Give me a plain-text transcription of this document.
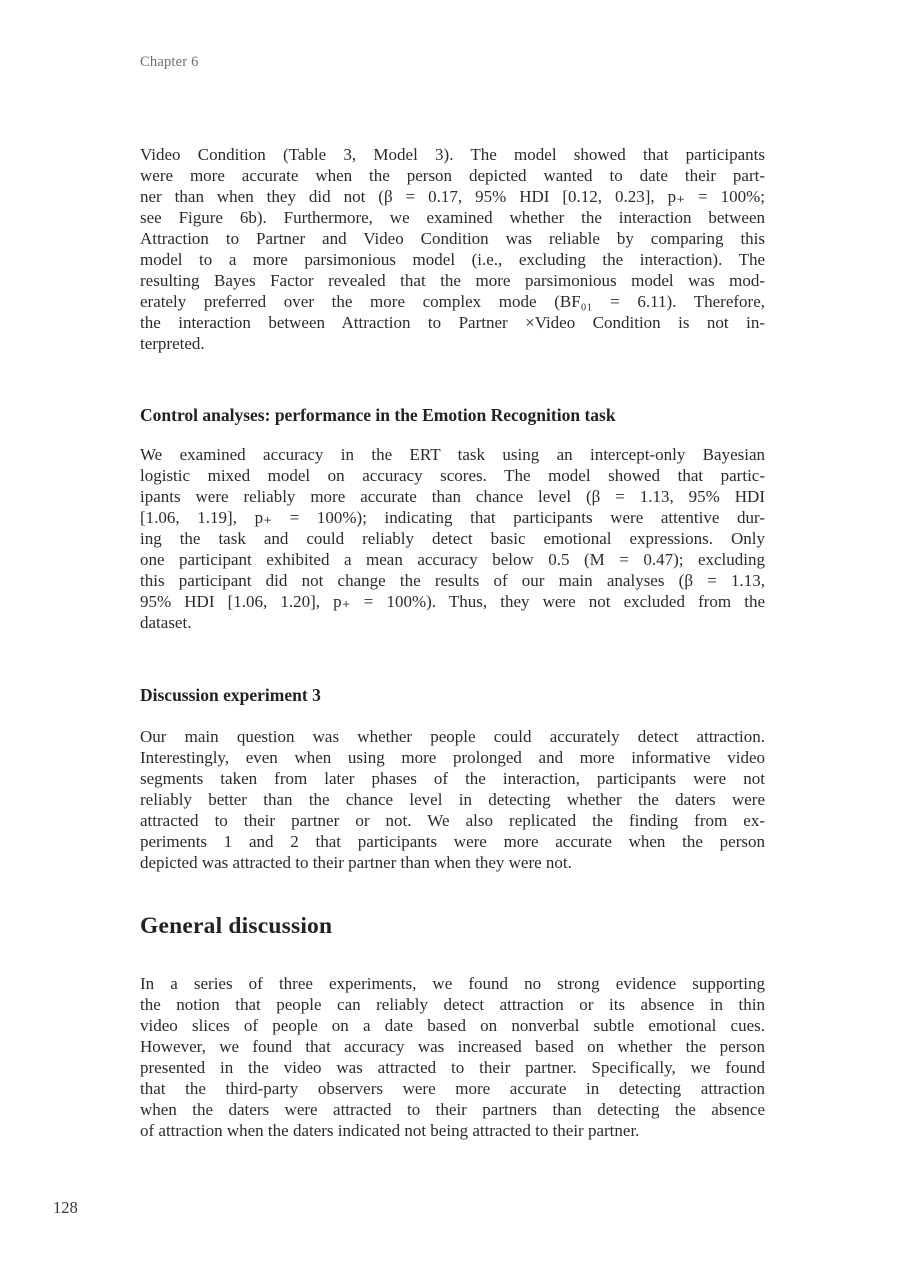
Chapter 6
Video Condition (Table 3, Model 3). The model showed that participants
were more accurate when the person depicted wanted to date their part-
ner than when they did not (β = 0.17, 95% HDI [0.12, 0.23], p₊ = 100%;
see Figure 6b). Furthermore, we examined whether the interaction between
Attraction to Partner and Video Condition was reliable by comparing this
model to a more parsimonious model (i.e., excluding the interaction). The
resulting Bayes Factor revealed that the more parsimonious model was mod-
erately preferred over the more complex mode (BF₀₁ = 6.11). Therefore,
the interaction between Attraction to Partner ×Video Condition is not in-
terpreted.
Control analyses: performance in the Emotion Recognition task
We examined accuracy in the ERT task using an intercept-only Bayesian
logistic mixed model on accuracy scores. The model showed that partic-
ipants were reliably more accurate than chance level (β = 1.13, 95% HDI
[1.06, 1.19], p₊ = 100%); indicating that participants were attentive dur-
ing the task and could reliably detect basic emotional expressions. Only
one participant exhibited a mean accuracy below 0.5 (M = 0.47); excluding
this participant did not change the results of our main analyses (β = 1.13,
95% HDI [1.06, 1.20], p₊ = 100%). Thus, they were not excluded from the
dataset.
Discussion experiment 3
Our main question was whether people could accurately detect attraction.
Interestingly, even when using more prolonged and more informative video
segments taken from later phases of the interaction, participants were not
reliably better than the chance level in detecting whether the daters were
attracted to their partner or not. We also replicated the finding from ex-
periments 1 and 2 that participants were more accurate when the person
depicted was attracted to their partner than when they were not.
General discussion
In a series of three experiments, we found no strong evidence supporting
the notion that people can reliably detect attraction or its absence in thin
video slices of people on a date based on nonverbal subtle emotional cues.
However, we found that accuracy was increased based on whether the person
presented in the video was attracted to their partner. Specifically, we found
that the third-party observers were more accurate in detecting attraction
when the daters were attracted to their partners than detecting the absence
of attraction when the daters indicated not being attracted to their partner.
128
